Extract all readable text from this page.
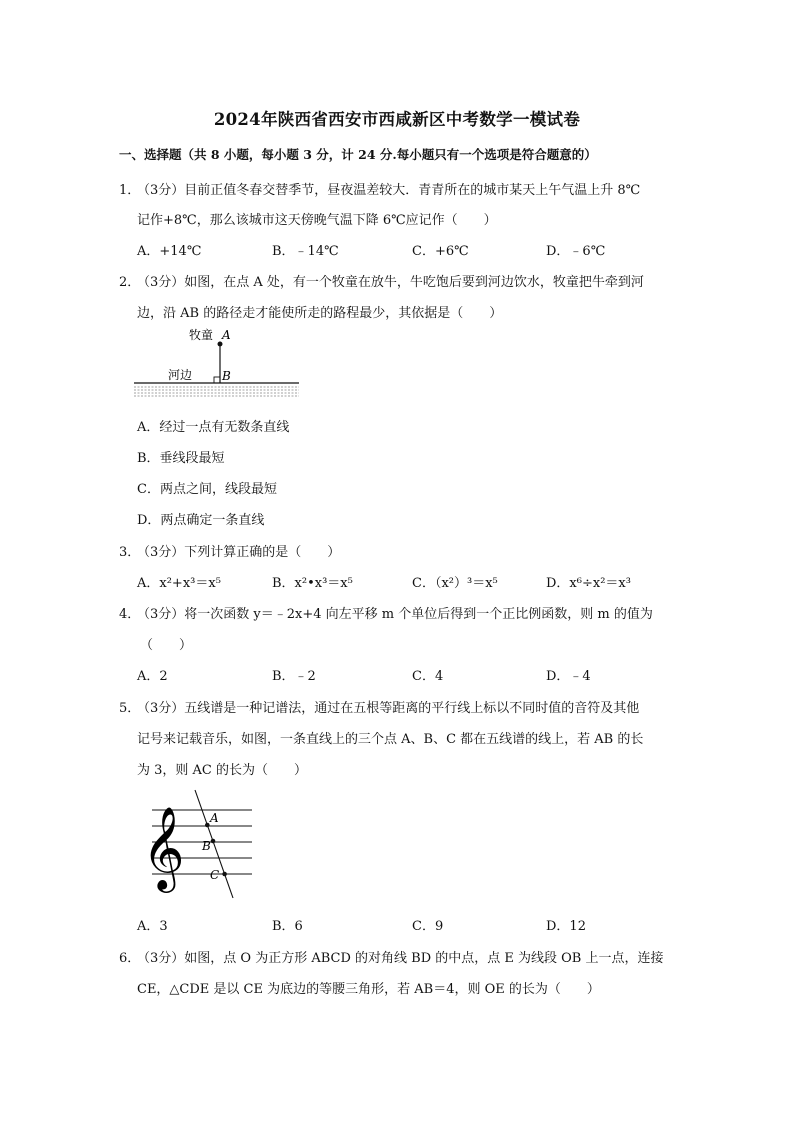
2024年陕西省西安市西咸新区中考数学一模试卷
一、选择题（共 8 小题，每小题 3 分，计 24 分.每小题只有一个选项是符合题意的）
1．
（3分）目前正值冬春交替季节，昼夜温差较大．青青所在的城市某天上午气温上升 8℃
记作+8℃，那么该城市这天傍晚气温下降 6℃应记作（　　）
A．+14℃	B．﹣14℃	C．+6℃	D．﹣6℃
2．
（3分）如图，在点 A 处，有一个牧童在放牛，牛吃饱后要到河边饮水，牧童把牛牵到河
边，沿 AB 的路径走才能使所走的路程最少，其依据是（　　）
牧童 A
河边 B
A．经过一点有无数条直线
B．垂线段最短
C．两点之间，线段最短
D．两点确定一条直线
3．
（3分）下列计算正确的是（　　）
A．x²+x³＝x⁵	B．x²•x³＝x⁵	C．（x²）³＝x⁵	D．x⁶÷x²＝x³
4．
（3分）将一次函数 y＝﹣2x+4 向左平移 m 个单位后得到一个正比例函数，则 m 的值为
（　　）
A．2	B．﹣2	C．4	D．﹣4
5．
（3分）五线谱是一种记谱法，通过在五根等距离的平行线上标以不同时值的音符及其他
记号来记载音乐，如图，一条直线上的三个点 A、B、C 都在五线谱的线上，若 AB 的长
为 3，则 AC 的长为（　　）
𝄞 A
B
C
A．3	B．6	C．9	D．12
6．
（3分）如图，点 O 为正方形 ABCD 的对角线 BD 的中点，点 E 为线段 OB 上一点，连接
CE，△CDE 是以 CE 为底边的等腰三角形，若 AB＝4，则 OE 的长为（　　）
